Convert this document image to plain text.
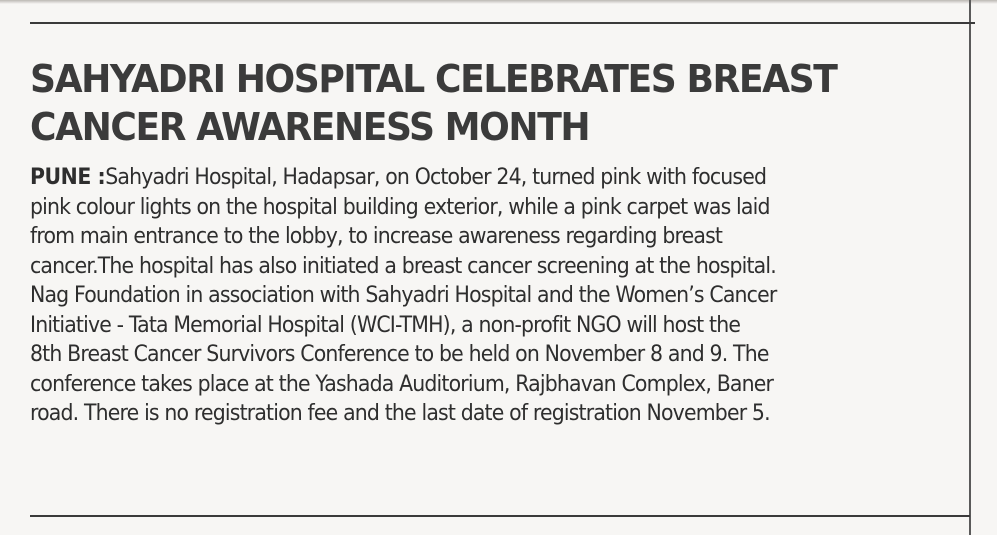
SAHYADRI HOSPITAL CELEBRATES BREAST
CANCER AWARENESS MONTH
PUNE :Sahyadri Hospital, Hadapsar, on October 24, turned pink with focused
pink colour lights on the hospital building exterior, while a pink carpet was laid
from main entrance to the lobby, to increase awareness regarding breast
cancer.The hospital has also initiated a breast cancer screening at the hospital.
Nag Foundation in association with Sahyadri Hospital and the Women’s Cancer
Initiative - Tata Memorial Hospital (WCI-TMH), a non-profit NGO will host the
8th Breast Cancer Survivors Conference to be held on November 8 and 9. The
conference takes place at the Yashada Auditorium, Rajbhavan Complex, Baner
road. There is no registration fee and the last date of registration November 5.
